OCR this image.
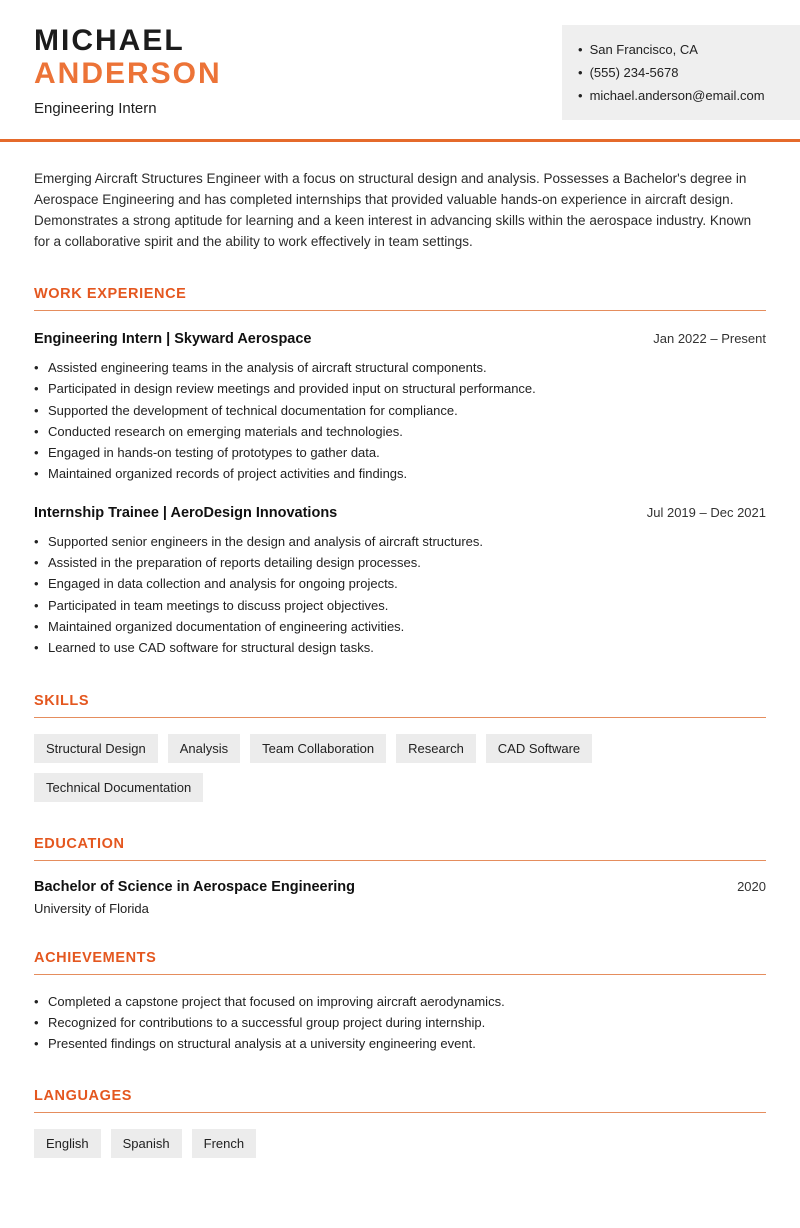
MICHAEL
ANDERSON
Engineering Intern
• San Francisco, CA
• (555) 234-5678
• michael.anderson@email.com

Emerging Aircraft Structures Engineer with a focus on structural design and analysis. Possesses a Bachelor's degree in Aerospace Engineering and has completed internships that provided valuable hands-on experience in aircraft design. Demonstrates a strong aptitude for learning and a keen interest in advancing skills within the aerospace industry. Known for a collaborative spirit and the ability to work effectively in team settings.

WORK EXPERIENCE
Engineering Intern | Skyward Aerospace	Jan 2022 – Present
• Assisted engineering teams in the analysis of aircraft structural components.
• Participated in design review meetings and provided input on structural performance.
• Supported the development of technical documentation for compliance.
• Conducted research on emerging materials and technologies.
• Engaged in hands-on testing of prototypes to gather data.
• Maintained organized records of project activities and findings.
Internship Trainee | AeroDesign Innovations	Jul 2019 – Dec 2021
• Supported senior engineers in the design and analysis of aircraft structures.
• Assisted in the preparation of reports detailing design processes.
• Engaged in data collection and analysis for ongoing projects.
• Participated in team meetings to discuss project objectives.
• Maintained organized documentation of engineering activities.
• Learned to use CAD software for structural design tasks.
SKILLS
Structural Design	Analysis	Team Collaboration	Research	CAD Software
Technical Documentation
EDUCATION
Bachelor of Science in Aerospace Engineering	2020
University of Florida
ACHIEVEMENTS
• Completed a capstone project that focused on improving aircraft aerodynamics.
• Recognized for contributions to a successful group project during internship.
• Presented findings on structural analysis at a university engineering event.
LANGUAGES
English	Spanish	French
